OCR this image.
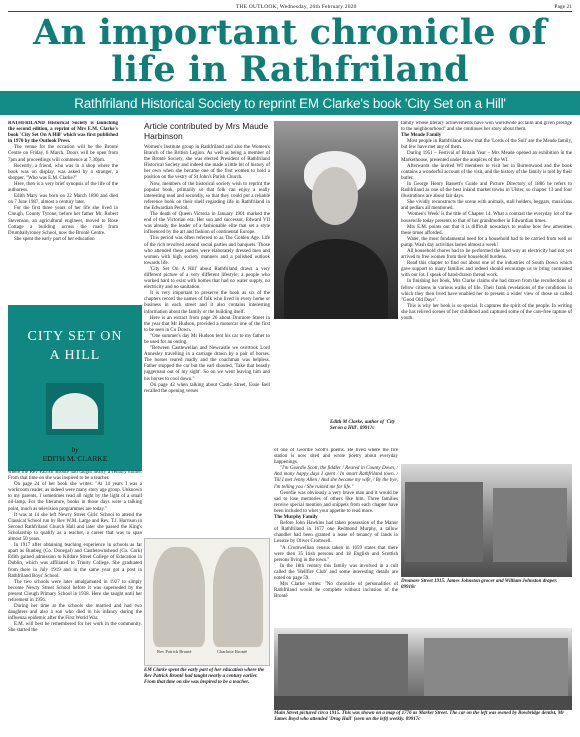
THE OUTLOOK, Wednesday, 26th February 2020	Page 21
An important chronicle of life in Rathfriland
Rathfriland Historical Society to reprint EM Clarke's book 'City Set on a Hill'

RATHFRILAND Historical Society is launching the second edition, a reprint of Mrs E.M. Clarke's book 'City Set On A Hill' which was first published in 1970 by the Outlook Press.

The venue for the occasion will be the Bronté Centre on Friday, 6 March. Doors will be open from 7pm and proceedings will commence at 7.30pm.

Recently, a friend, who was in a shop where the book was on display, was asked by a stranger, a shopper, "Who was E.M. Clarke?"

Here, then is a very brief synopsis of the life of the authoress.

Edith Mary was born on 22 March 1890 and died on 7 June 1987, almost a century later.

For the first three years of her life she lived in Clough, County Tyrone, before her father Mr. Robert Stevenson, an agricultural engineer, moved to Rose Cottage a building across the road from Drumballyroney School, now the Brontë Centre.

She spent the early part of her education

CITY SET ON
A HILL
by
EDITH M. CLARKE

where the Rev Patrick Brontë had taught nearly a century earlier. From that time on she was inspired to be a teacher.

On page 24 of her book she writes: "At 14 years I was a workroom reader, as indeed were many story age group. Unknown to my parents, I sometimes read all night by the light of a small oil-lamp. For the literature, books in those days were a talking point, much as television programmes are today."

It was at 14 she left Newry Street Girls' School to attend the Classical School run by Rev W.M. Large and Rev. T.J. Harrison in Second Rathfriland Church Hall and later she passed the King's Scholarship to qualify as a teacher, a career that was to span almost 50 years.

In 1917 after obtaining teaching experience in schools as far apart as Bunbeg (Co. Donegal) and Castletownshend (Co. Cork) Edith gained admission to Kildare Street College of Education in Dublin, which was affiliated to Trinity College. She graduated from there in July 1919 and in the same year got a post in Rathfriland Boys' School.

The two schools were later amalgamated in 1927 to simply become Newry Street School before it was superseded by the present Clough Primary School in 1938. Here she taught until her retirement in 1956.

During her time at the schools she married and had two daughters and also a son who died in his infancy during the influenza epidemic after the First World War.

E.M. will best be remembered for her work in the community. She started the

Article contributed by Mrs Maude Harbinson

Women's Institute group in Rathfriland and also the Women's Branch of the British Legion. As well as being a member of the Brontë Society, she was elected President of Rathfriland Historical Society and indeed she made a little bit of history of her own when she became one of the first women to hold a position on the vestry of St John's Parish Church.

Now, members of the historical society wish to reprint the popular book, primarily so that folk can enjoy a really interesting read and secondly, so that they could put a reliable reference book on their shelf regarding life in Rathfriland in the Edwardian Period.

The death of Queen Victoria in January 1901 marked the end of the Victorian era. Her son and successor, Edward VII was already the leader of a fashionable elite that set a style influenced by the art and fashion of continental Europe.

This period was often referred to as The Golden Age. Life of the rich revolved around social parties and banquets. Those who attended these parties were elaborately dressed men and women with high society manners and a polished outlook towards life.

'City Set On A Hill' about Rathfriland draws a very different picture of a very different lifestyle; a people who worked hard to exist with homes that had no water supply, no electricity and no sanitation.

It is very important to preserve the book as six of the chapters record the names of folk who lived in every home or business in each street and it also contains interesting information about the family or the building itself.

Here is an extract from page 26 about Drumore Street in the year that Mr Hudson, provided a motorcar one of the first to be seen in Co Down.

"One summer's day Mr Hudson lent his car to my father to be used for an outing.

"Between Castlewellan and Newcastle we overtook Lord Annesley travelling in a carriage drawn by a pair of horses. The horses reared madly and the coachman was helpless. Father stopped the car but the earl shouted, 'Take that beastly juggernaut out of my sight'. So on we went leaving him and his horses to cool down."

On page 42 when talking about Castle Street, Essie Bell recalled the opening verses

Edith M Clarke, author of 'City Set on a Hill'. 0991?c

of one of Geordie Scott's poems. He lived where the fire station is now sited and wrote poetry about everyday happenings.

"I'm Geordie Scott, the fiddler / Reared in County Down, / And many happy days I spent / In smart Rathfriland town. / Till I met Jenny Allen / And she became my wife, / By the bye, I'm telling you / She ruined me for life."

Geordie was obviously a very brave man and it would be sad to lose memories of others like him. Three families receive special mention and snippets from each chapter have been included to whet your appetite to read more.

The Murphy Family

Before John Hawkins had taken possession of the Manor of Rathfriland in 1677 one Redmond Murphy, a tallow chandler had been granted a lease of tenancy of lands in Lessize by Oliver Cromwell.

"A Cromwellian census taken in 1659 states that there were then 35 Irish persons and 18 English and Scottish persons living in the town."

In the 18th century this family was involved in a cult called the 'Hellfire Club' and some interesting details are noted on page 59.

Mrs Clarke writes: "No chronicle of personalities of Rathfriland would be complete without inclusion of the Brontë

family whose literary achievements have won worldwide acclaim and given prestige to the neighbourhood" and she continues her story about them.

The Meade Family

Most people in Rathfriland know that the 'Lords of the Soil' are the Meade family, but few have met any of them.

During 1951 – Festival of Britain Year – Mrs Meade opened an exhibition in the Markethouse, presented under the auspices of the WI.

Afterwards she invited WI members to visit her in Burrenwood and the book contains a wonderful account of the visit, and the history of the family is told by their butler.

In George Henry Bassett's Guide and Picture Directory of 1886 he refers to Rathfriland as one of the best inland market towns in Ulster, so chapter 13 and four illustrations are about fair days.

She vividly reconstructs the scene with animals, stall holders, beggars, musicians and pedlars all mentioned.

'Women's Week' is the title of Chapter 14. What a contrast the everyday lot of the housewife today presents to that of her grandmother in Edwardian times.

Mrs E.M. points out that it is difficult nowadays to realise how few amenities these times afforded.

Water, the most fundamental need for a household had to be carried from well or pump. Wash day activities lasted almost a week!

All household chores had to be performed the hard way as electricity had not yet arrived to free women from their household burdens.

Read this chapter to find out about one of the industries of South Down which gave support to many families and indeed should encourage us to bring contrasted with our lot. I speak of hand-drawn thread work.

In finishing her book, Mrs Clarke claims she had drawn from the recollections of fellow citizens in various walks of life. Their frank revelations of the conditions in which they then lived have enabled her to present a wider view of those so called "Good Old Days".

This is why her book is so special. It captures the spirit of the people. In writing she has relived scenes of her childhood and captured some of the care-free rapture of youth.

Dromore Street 1915. James Johnston grocer and William Johnston draper. 09918c
Rev Patrick Brontë	Charlotte Brontë
EM Clarke spent the early part of her education where the Rev Patrick Brontë had taught nearly a century earlier. From that time on she was inspired to be a teacher.
Main Street pictured circa 1915. This was shown on a map of 1776 as Market Street. The car on the left was owned by Bowbridge dentist, Mr James Boyd who attended 'Drag Hall' (seen on the left) weekly. 09917c
